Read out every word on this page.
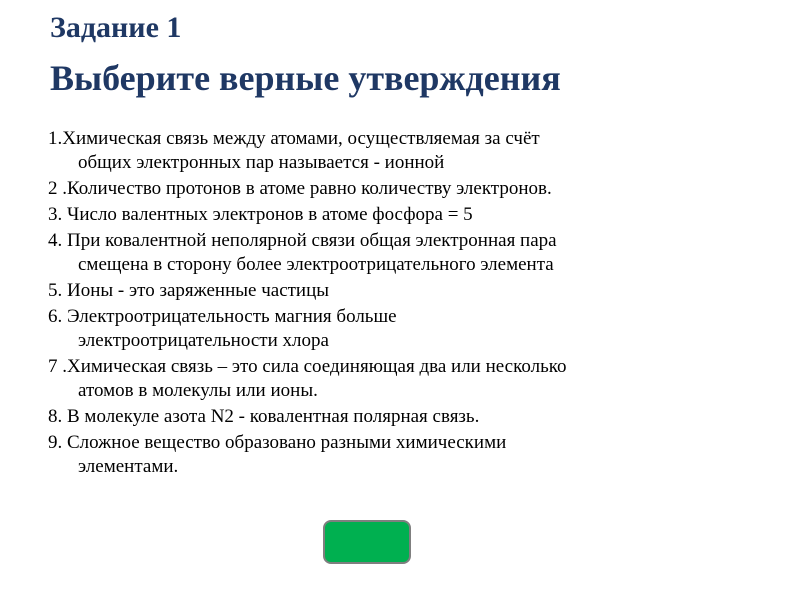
Задание 1
Выберите верные утверждения
1.Химическая связь между атомами, осуществляемая за счёт
общих электронных пар называется - ионной
2 .Количество протонов в атоме равно количеству электронов.
3. Число валентных электронов в атоме фосфора = 5
4. При ковалентной неполярной связи общая электронная пара
смещена в сторону более электроотрицательного элемента
5. Ионы - это заряженные частицы
6. Электроотрицательность магния больше
электроотрицательности хлора
7 .Химическая связь – это сила соединяющая два или несколько
атомов в молекулы или ионы.
8. В молекуле азота N2 - ковалентная полярная связь.
9. Сложное вещество образовано разными химическими
элементами.
